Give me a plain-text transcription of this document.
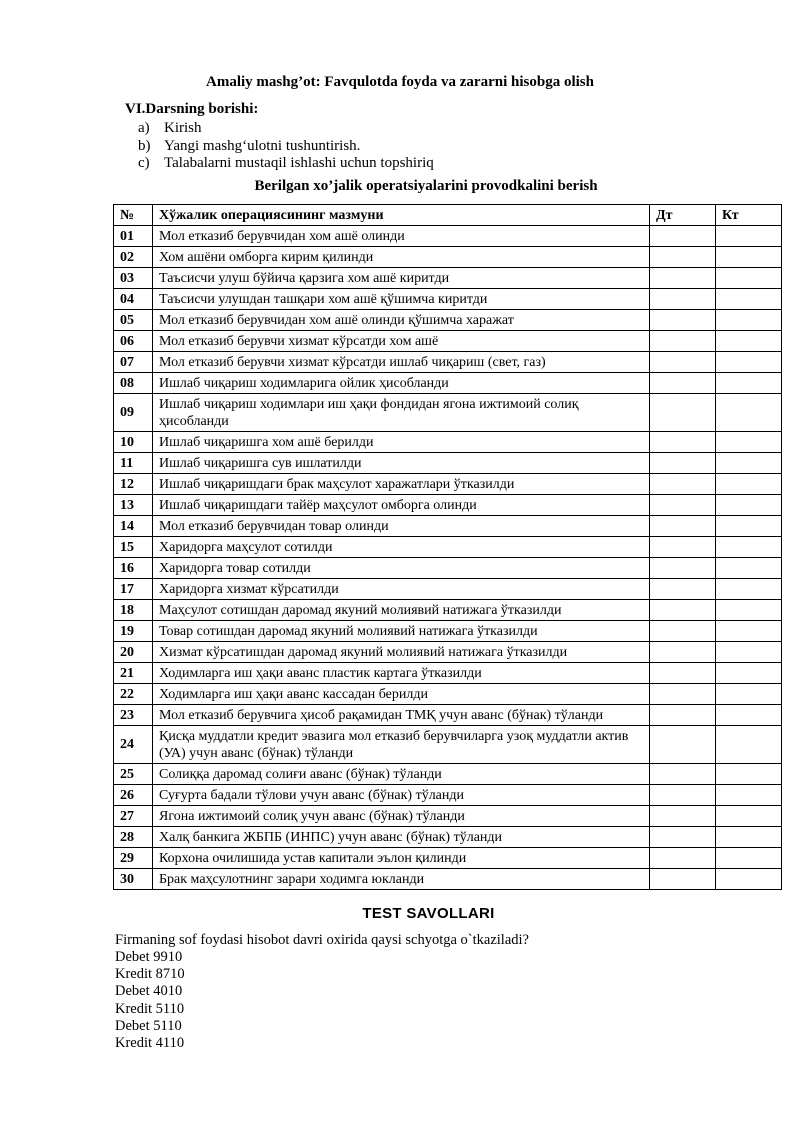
Amaliy mashg’ot: Favqulotda foyda va zararni hisobga olish
VI.Darsning borishi:
a) Kirish
b) Yangi mashg‘ulotni tushuntirish.
c) Talabalarni mustaqil ishlashi uchun topshiriq
Berilgan xo’jalik operatsiyalarini provodkalini berish
№	Хўжалик операциясининг мазмуни	Дт	Кт
01	Мол етказиб берувчидан хом ашё олинди		
02	Хом ашёни омборга кирим қилинди		
03	Таъсисчи улуш бўйича қарзига хом ашё киритди		
04	Таъсисчи улушдан ташқари хом ашё қўшимча киритди		
05	Мол етказиб берувчидан хом ашё олинди қўшимча харажат		
06	Мол етказиб берувчи хизмат кўрсатди хом ашё		
07	Мол етказиб берувчи хизмат кўрсатди ишлаб чиқариш (свет, газ)		
08	Ишлаб чиқариш ходимларига ойлик ҳисобланди		
09	Ишлаб чиқариш ходимлари иш ҳақи фондидан ягона ижтимоий солиқ ҳисобланди		
10	Ишлаб чиқаришга хом ашё берилди		
11	Ишлаб чиқаришга сув ишлатилди		
12	Ишлаб чиқаришдаги брак маҳсулот харажатлари ўтказилди		
13	Ишлаб чиқаришдаги тайёр маҳсулот омборга олинди		
14	Мол етказиб берувчидан товар олинди		
15	Харидорга маҳсулот сотилди		
16	Харидорга товар сотилди		
17	Харидорга хизмат кўрсатилди		
18	Маҳсулот сотишдан даромад якуний молиявий натижага ўтказилди		
19	Товар сотишдан даромад якуний молиявий натижага ўтказилди		
20	Хизмат кўрсатишдан даромад якуний молиявий натижага ўтказилди		
21	Ходимларга иш ҳақи аванс пластик картага ўтказилди		
22	Ходимларга иш ҳақи аванс кассадан берилди		
23	Мол етказиб берувчига ҳисоб рақамидан ТМҚ учун аванс (бўнак) тўланди		
24	Қисқа муддатли кредит эвазига мол етказиб берувчиларга узоқ муддатли актив (УА) учун аванс (бўнак) тўланди		
25	Солиққа даромад солиғи аванс (бўнак) тўланди		
26	Суғурта бадали тўлови учун аванс (бўнак) тўланди		
27	Ягона ижтимоий солиқ учун аванс (бўнак) тўланди		
28	Халқ банкига ЖБПБ (ИНПС) учун аванс (бўнак) тўланди		
29	Корхона очилишида устав капитали эълон қилинди		
30	Брак маҳсулотнинг зарари ходимга юкланди		
TEST SAVOLLARI
Firmaning sof foydasi hisobot davri oxirida qaysi schyotga o`tkaziladi?
Debet 9910
Kredit 8710
Debet 4010
Kredit 5110
Debet 5110
Kredit 4110
